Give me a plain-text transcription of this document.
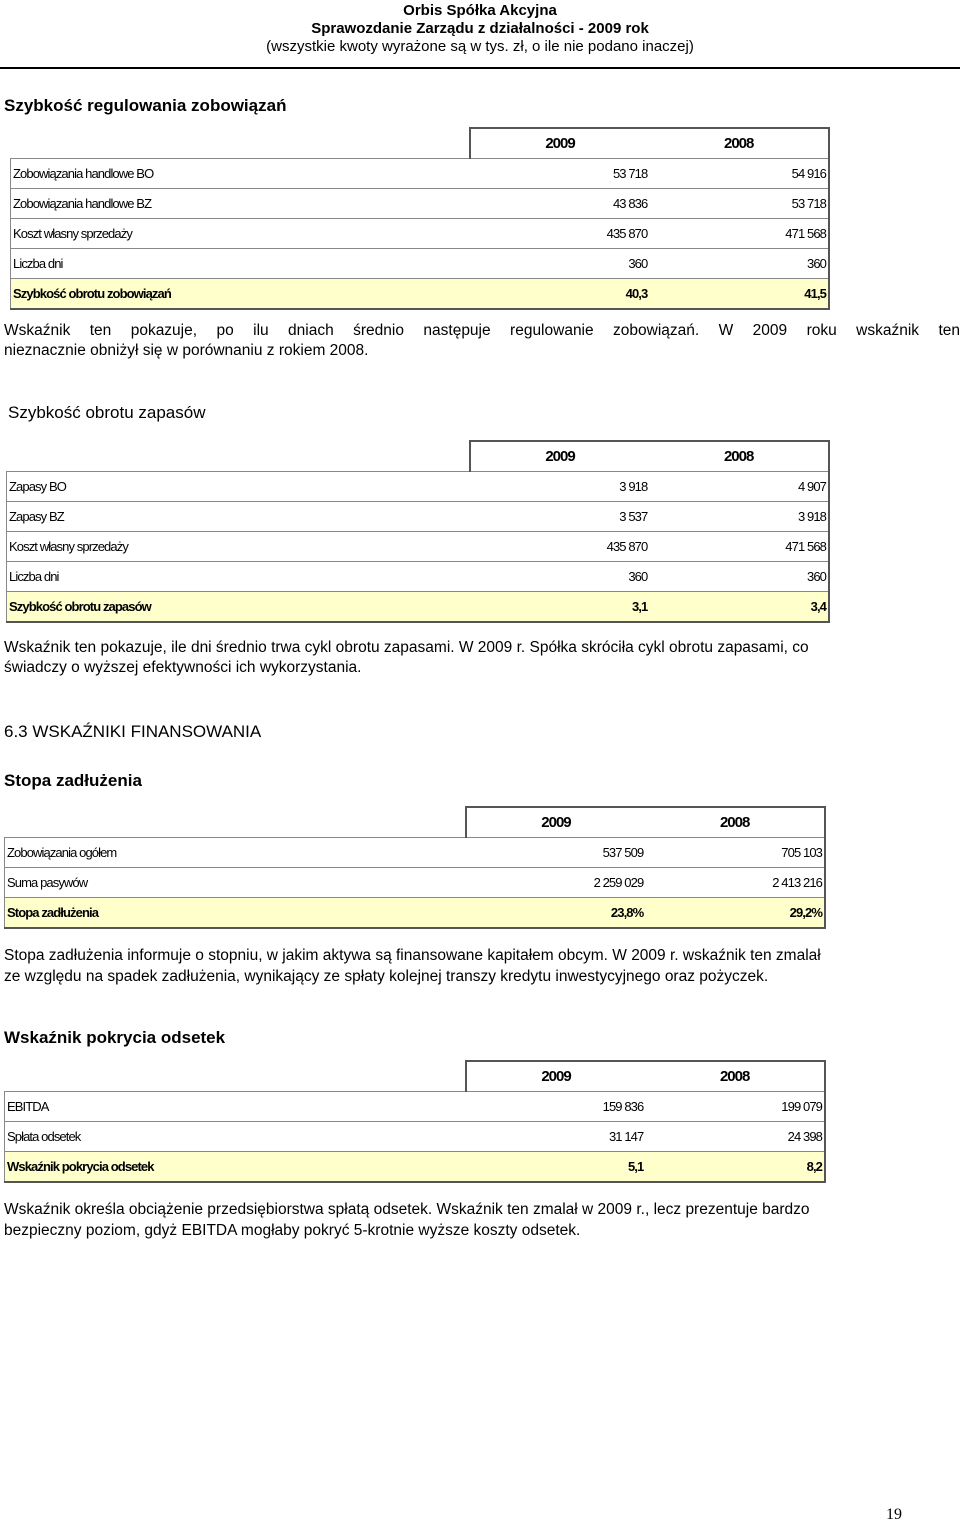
Orbis Spółka Akcyjna
Sprawozdanie Zarządu z działalności - 2009 rok
(wszystkie kwoty wyrażone są w tys. zł, o ile nie podano inaczej)
Szybkość regulowania zobowiązań
	2009	2008
Zobowiązania handlowe BO	53 718	54 916
Zobowiązania handlowe BZ	43 836	53 718
Koszt własny sprzedaży	435 870	471 568
Liczba dni	360	360
Szybkość obrotu zobowiązań	40,3	41,5
Wskaźnik ten pokazuje, po ilu dniach średnio następuje regulowanie zobowiązań. W 2009 roku wskaźnik ten
nieznacznie obniżył się w porównaniu z rokiem 2008.
Szybkość obrotu zapasów
	2009	2008
Zapasy BO	3 918	4 907
Zapasy BZ	3 537	3 918
Koszt własny sprzedaży	435 870	471 568
Liczba dni	360	360
Szybkość obrotu zapasów	3,1	3,4
Wskaźnik ten pokazuje, ile dni średnio trwa cykl obrotu zapasami. W 2009 r. Spółka skróciła cykl obrotu zapasami, co
świadczy o wyższej efektywności ich wykorzystania.
6.3 WSKAŹNIKI FINANSOWANIA
Stopa zadłużenia
	2009	2008
Zobowiązania ogółem	537 509	705 103
Suma pasywów	2 259 029	2 413 216
Stopa zadłużenia	23,8%	29,2%
Stopa zadłużenia informuje o stopniu, w jakim aktywa są finansowane kapitałem obcym. W 2009 r. wskaźnik ten zmalał
ze względu na spadek zadłużenia, wynikający ze spłaty kolejnej transzy kredytu inwestycyjnego oraz pożyczek.
Wskaźnik pokrycia odsetek
	2009	2008
EBITDA	159 836	199 079
Spłata odsetek	31 147	24 398
Wskaźnik pokrycia odsetek	5,1	8,2
Wskaźnik określa obciążenie przedsiębiorstwa spłatą odsetek. Wskaźnik ten zmalał w 2009 r., lecz prezentuje bardzo
bezpieczny poziom, gdyż EBITDA mogłaby pokryć 5-krotnie wyższe koszty odsetek.
19
